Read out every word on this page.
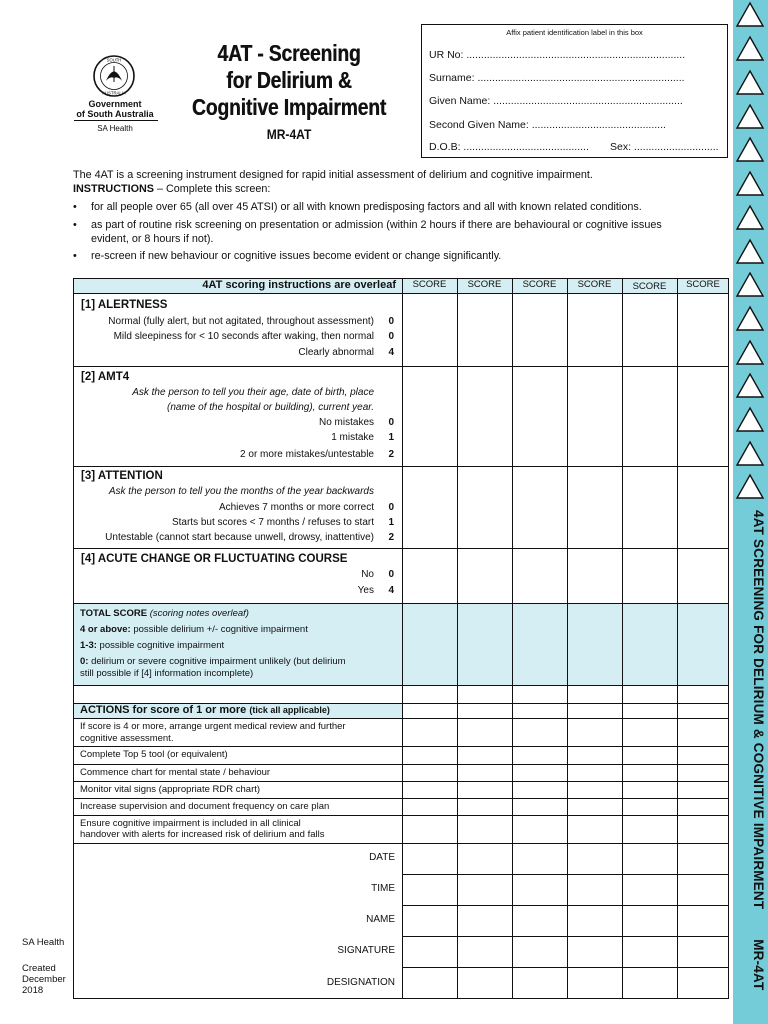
SOUTH
AUSTRALIA
Government
of South Australia
SA Health
4AT - Screening
for Delirium &
Cognitive Impairment
MR-4AT
Affix patient identification label in this box
UR No: ...........................................................................
Surname: .......................................................................
Given Name: .................................................................
Second Given Name: ..............................................
D.O.B: ........................................... Sex: .............................
4AT SCREENING FOR DELIRIUM & COGNITIVE IMPAIRMENT  MR-4AT
The 4AT is a screening instrument designed for rapid initial assessment of delirium and cognitive impairment.
INSTRUCTIONS – Complete this screen:
• for all people over 65 (all over 45 ATSI) or all with known predisposing factors and all with known related conditions.
• as part of routine risk screening on presentation or admission (within 2 hours if there are behavioural or cognitive issues
evident, or 8 hours if not).
• re-screen if new behaviour or cognitive issues become evident or change significantly.
4AT scoring instructions are overleaf	SCORE	SCORE	SCORE	SCORE	SCORE	SCORE
[1] ALERTNESS
Normal (fully alert, but not agitated, throughout assessment) 0
Mild sleepiness for < 10 seconds after waking, then normal 0
Clearly abnormal 4
[2] AMT4
Ask the person to tell you their age, date of birth, place
(name of the hospital or building), current year.
No mistakes 0
1 mistake 1
2 or more mistakes/untestable 2
[3] ATTENTION
Ask the person to tell you the months of the year backwards
Achieves 7 months or more correct 0
Starts but scores < 7 months / refuses to start 1
Untestable (cannot start because unwell, drowsy, inattentive) 2
[4] ACUTE CHANGE OR FLUCTUATING COURSE
No 0
Yes 4
TOTAL SCORE (scoring notes overleaf)
4 or above: possible delirium +/- cognitive impairment
1-3: possible cognitive impairment
0: delirium or severe cognitive impairment unlikely (but delirium
still possible if [4] information incomplete)
ACTIONS for score of 1 or more (tick all applicable)
If score is 4 or more, arrange urgent medical review and further
cognitive assessment.
Complete Top 5 tool (or equivalent)
Commence chart for mental state / behaviour
Monitor vital signs (appropriate RDR chart)
Increase supervision and document frequency on care plan
Ensure cognitive impairment is included in all clinical
handover with alerts for increased risk of delirium and falls
DATE
TIME
NAME
SIGNATURE
DESIGNATION
SA Health
Created
December
2018
